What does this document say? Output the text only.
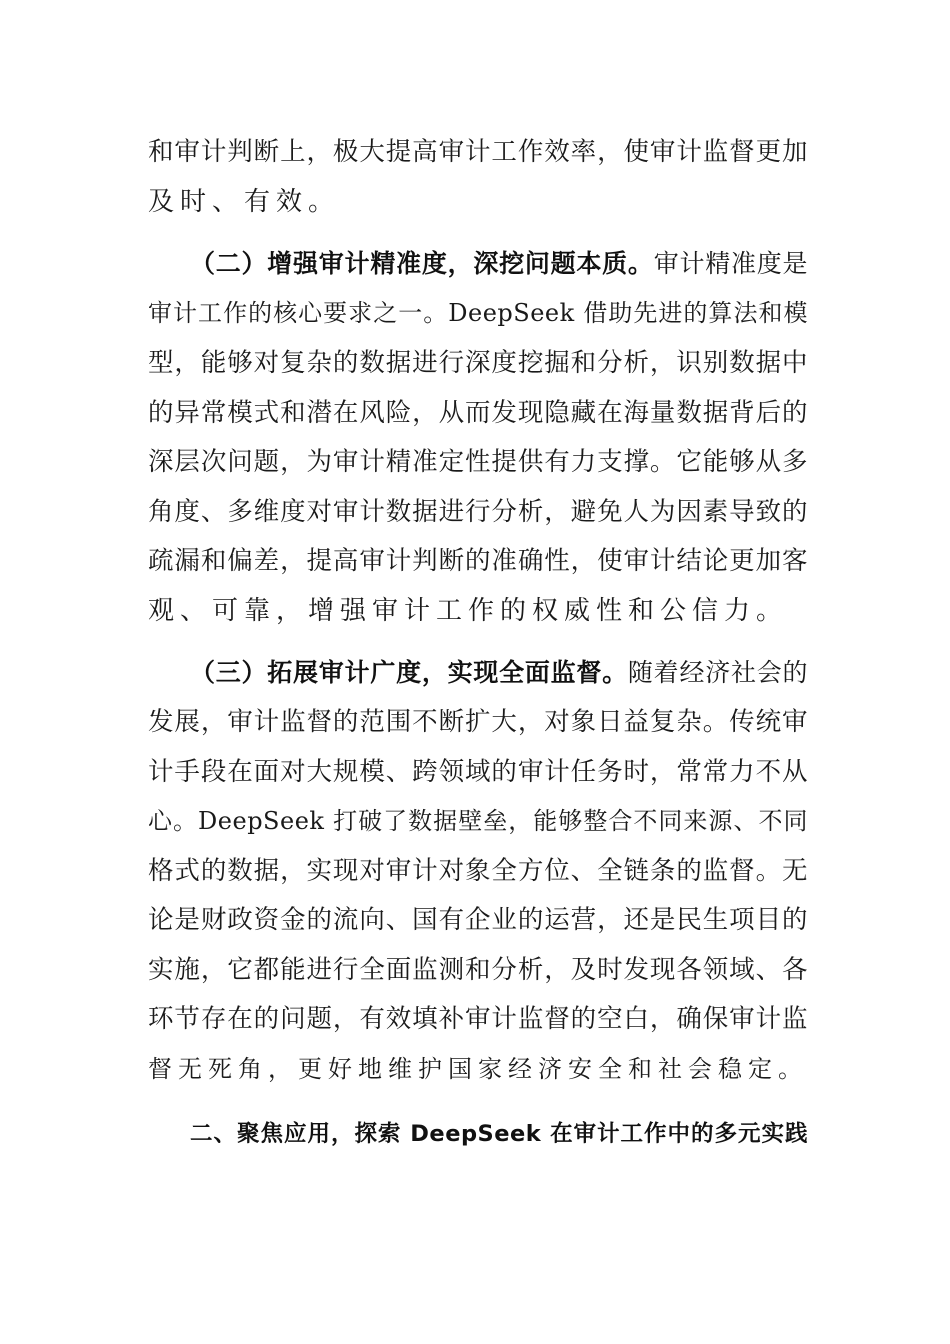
和审计判断上，极大提高审计工作效率，使审计监督更加
及时、有效。
（二）增强审计精准度，深挖问题本质。审计精准度是
审计工作的核心要求之一。DeepSeek 借助先进的算法和模
型，能够对复杂的数据进行深度挖掘和分析，识别数据中
的异常模式和潜在风险，从而发现隐藏在海量数据背后的
深层次问题，为审计精准定性提供有力支撑。它能够从多
角度、多维度对审计数据进行分析，避免人为因素导致的
疏漏和偏差，提高审计判断的准确性，使审计结论更加客
观、可靠，增强审计工作的权威性和公信力。
（三）拓展审计广度，实现全面监督。随着经济社会的
发展，审计监督的范围不断扩大，对象日益复杂。传统审
计手段在面对大规模、跨领域的审计任务时，常常力不从
心。DeepSeek 打破了数据壁垒，能够整合不同来源、不同
格式的数据，实现对审计对象全方位、全链条的监督。无
论是财政资金的流向、国有企业的运营，还是民生项目的
实施，它都能进行全面监测和分析，及时发现各领域、各
环节存在的问题，有效填补审计监督的空白，确保审计监
督无死角，更好地维护国家经济安全和社会稳定。
二、聚焦应用，探索 DeepSeek 在审计工作中的多元实践
